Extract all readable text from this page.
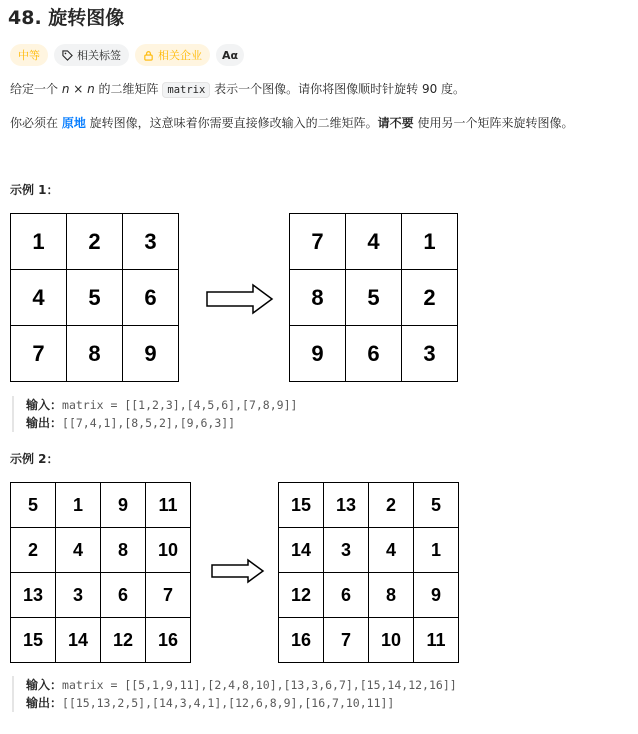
48. 旋转图像
中等	相关标签	相关企业	Aα
给定一个 n × n 的二维矩阵 matrix 表示一个图像。请你将图像顺时针旋转 90 度。
你必须在 原地 旋转图像，这意味着你需要直接修改输入的二维矩阵。请不要 使用另一个矩阵来旋转图像。
示例 1：
1	2	3
4	5	6
7	8	9
7	4	1
8	5	2
9	6	3
输入：matrix = [[1,2,3],[4,5,6],[7,8,9]]
输出：[[7,4,1],[8,5,2],[9,6,3]]
示例 2：
5	1	9	11
2	4	8	10
13	3	6	7
15	14	12	16
15	13	2	5
14	3	4	1
12	6	8	9
16	7	10	11
输入：matrix = [[5,1,9,11],[2,4,8,10],[13,3,6,7],[15,14,12,16]]
输出：[[15,13,2,5],[14,3,4,1],[12,6,8,9],[16,7,10,11]]
